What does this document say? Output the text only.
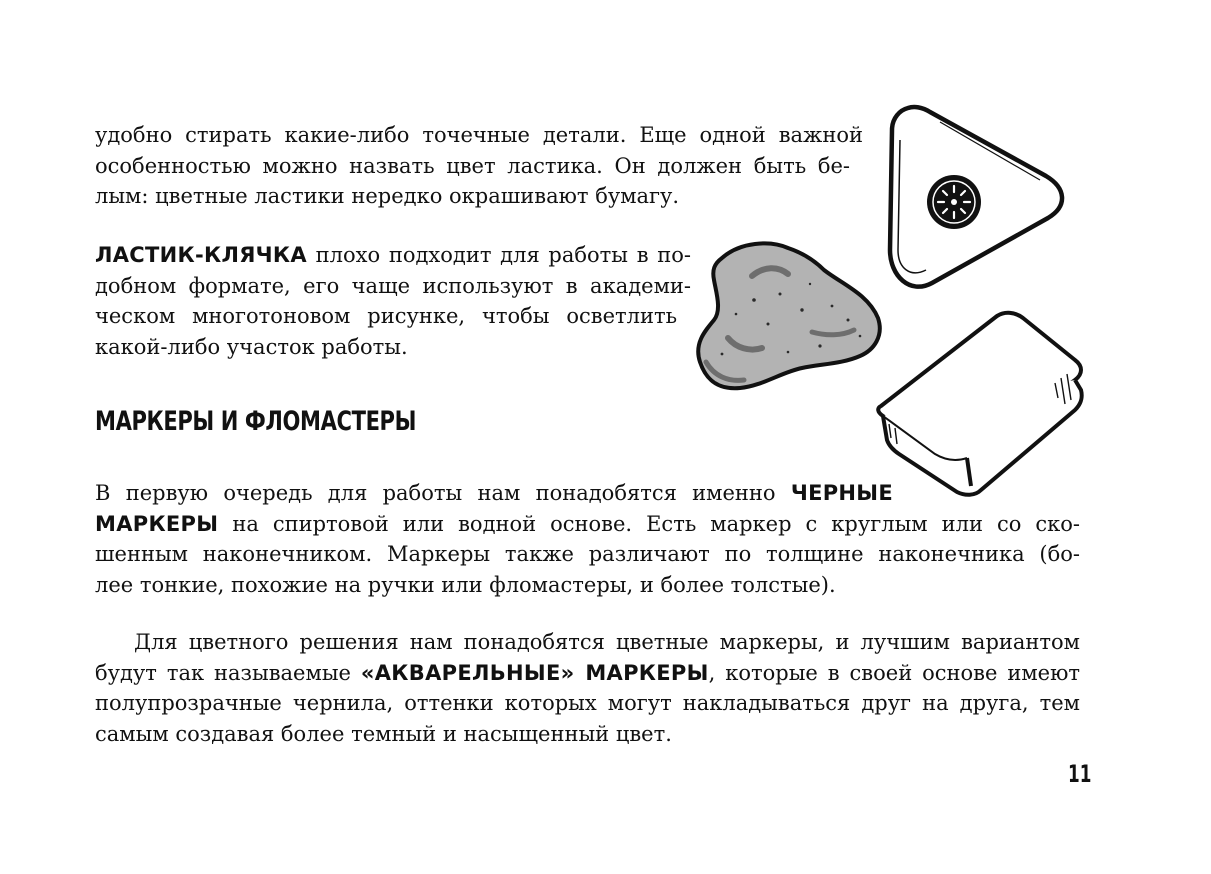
удобно стирать какие-либо точечные детали. Еще одной важной
особенностью можно назвать цвет ластика. Он должен быть бе-
лым: цветные ластики нередко окрашивают бумагу.
ЛАСТИК-КЛЯЧКА плохо подходит для работы в по-
добном формате, его чаще используют в академи-
ческом многотоновом рисунке, чтобы осветлить
какой-либо участок работы.
МАРКЕРЫ И ФЛОМАСТЕРЫ
В первую очередь для работы нам понадобятся именно ЧЕРНЫЕ
МАРКЕРЫ на спиртовой или водной основе. Есть маркер с круглым или со ско-
шенным наконечником. Маркеры также различают по толщине наконечника (бо-
лее тонкие, похожие на ручки или фломастеры, и более толстые).
Для цветного решения нам понадобятся цветные маркеры, и лучшим вариантом
будут так называемые «АКВАРЕЛЬНЫЕ» МАРКЕРЫ, которые в своей основе имеют
полупрозрачные чернила, оттенки которых могут накладываться друг на друга, тем
самым создавая более темный и насыщенный цвет.
11
